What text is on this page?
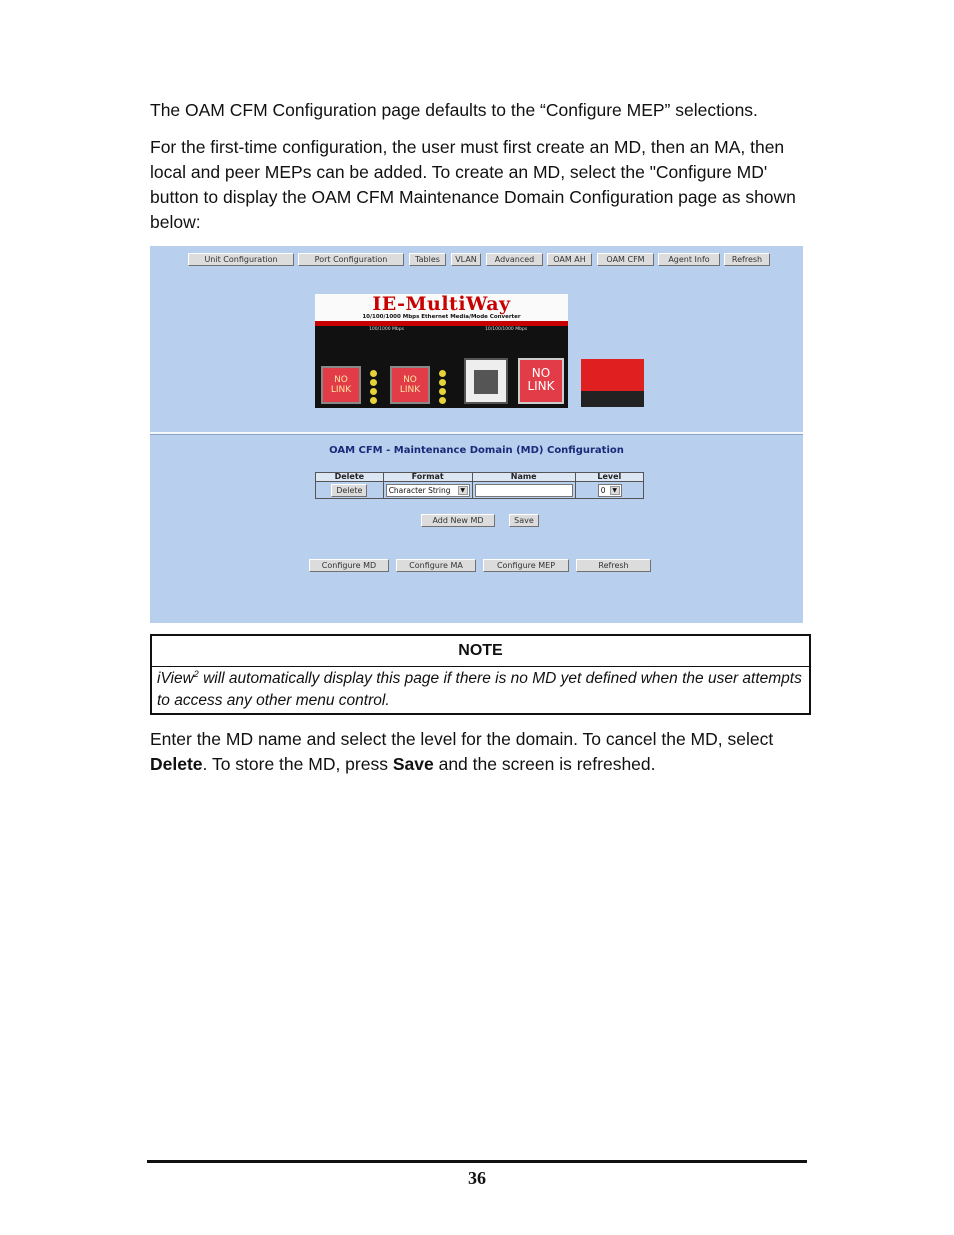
The OAM CFM Configuration page defaults to the “Configure MEP” selections.

For the first-time configuration, the user must first create an MD, then an MA, then local and peer MEPs can be added. To create an MD, select the "Configure MD' button to display the OAM CFM Maintenance Domain Configuration page as shown below:

Unit Configuration	Port Configuration	Tables	VLAN	Advanced	OAM AH	OAM CFM	Agent Info	Refresh
IE-MultiWay
10/100/1000 Mbps Ethernet Media/Mode Converter
100/1000 Mbps	10/100/1000 Mbps
NO LINK
NO LINK
NO LINK
OAM CFM - Maintenance Domain (MD) Configuration
Delete	Format	Name	Level

Delete	Character String ▼		0 ▼
Add New MD	Save
Configure MD	Configure MA	Configure MEP	Refresh
NOTE
iView$^2$ will automatically display this page if there is no MD yet defined when the user attempts to access any other menu control.

Enter the MD name and select the level for the domain. To cancel the MD, select Delete. To store the MD, press Save and the screen is refreshed.

36
